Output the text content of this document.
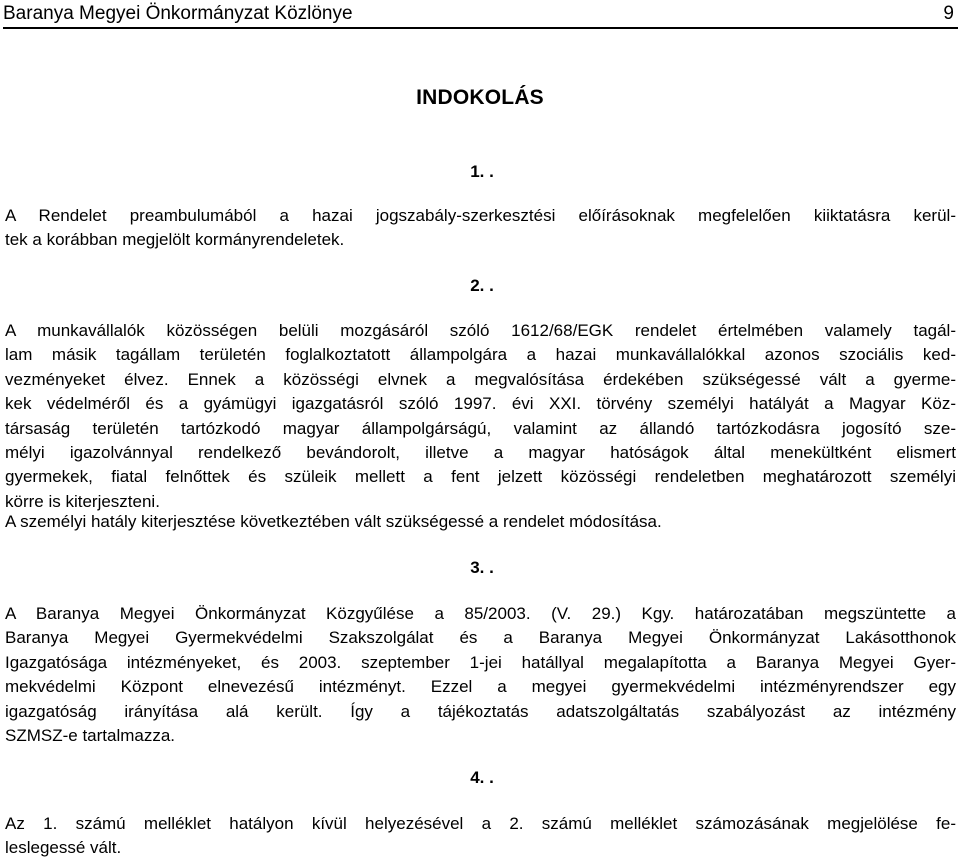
Baranya Megyei Önkormányzat Közlönye	9
INDOKOLÁS
1. .
A Rendelet preambulumából a hazai jogszabály-szerkesztési előírásoknak megfelelően kiiktatásra kerül-
tek a korábban megjelölt kormányrendeletek.
2. .
A munkavállalók közösségen belüli mozgásáról szóló 1612/68/EGK rendelet értelmében valamely tagál-
lam másik tagállam területén foglalkoztatott állampolgára a hazai munkavállalókkal azonos szociális ked-
vezményeket élvez. Ennek a közösségi elvnek a megvalósítása érdekében szükségessé vált a gyerme-
kek védelméről és a gyámügyi igazgatásról szóló 1997. évi XXI. törvény személyi hatályát a Magyar Köz-
társaság területén tartózkodó magyar állampolgárságú, valamint az állandó tartózkodásra jogosító sze-
mélyi igazolvánnyal rendelkező bevándorolt, illetve a magyar hatóságok által menekültként elismert
gyermekek, fiatal felnőttek és szüleik mellett a fent jelzett közösségi rendeletben meghatározott személyi
körre is kiterjeszteni.
A személyi hatály kiterjesztése következtében vált szükségessé a rendelet módosítása.
3. .
A Baranya Megyei Önkormányzat Közgyűlése a 85/2003. (V. 29.) Kgy. határozatában megszüntette a
Baranya Megyei Gyermekvédelmi Szakszolgálat és a Baranya Megyei Önkormányzat Lakásotthonok
Igazgatósága intézményeket, és 2003. szeptember 1-jei hatállyal megalapította a Baranya Megyei Gyer-
mekvédelmi Központ elnevezésű intézményt. Ezzel a megyei gyermekvédelmi intézményrendszer egy
igazgatóság irányítása alá került. Így a tájékoztatás adatszolgáltatás szabályozást az intézmény
SZMSZ-e tartalmazza.
4. .
Az 1. számú melléklet hatályon kívül helyezésével a 2. számú melléklet számozásának megjelölése fe-
leslegessé vált.
